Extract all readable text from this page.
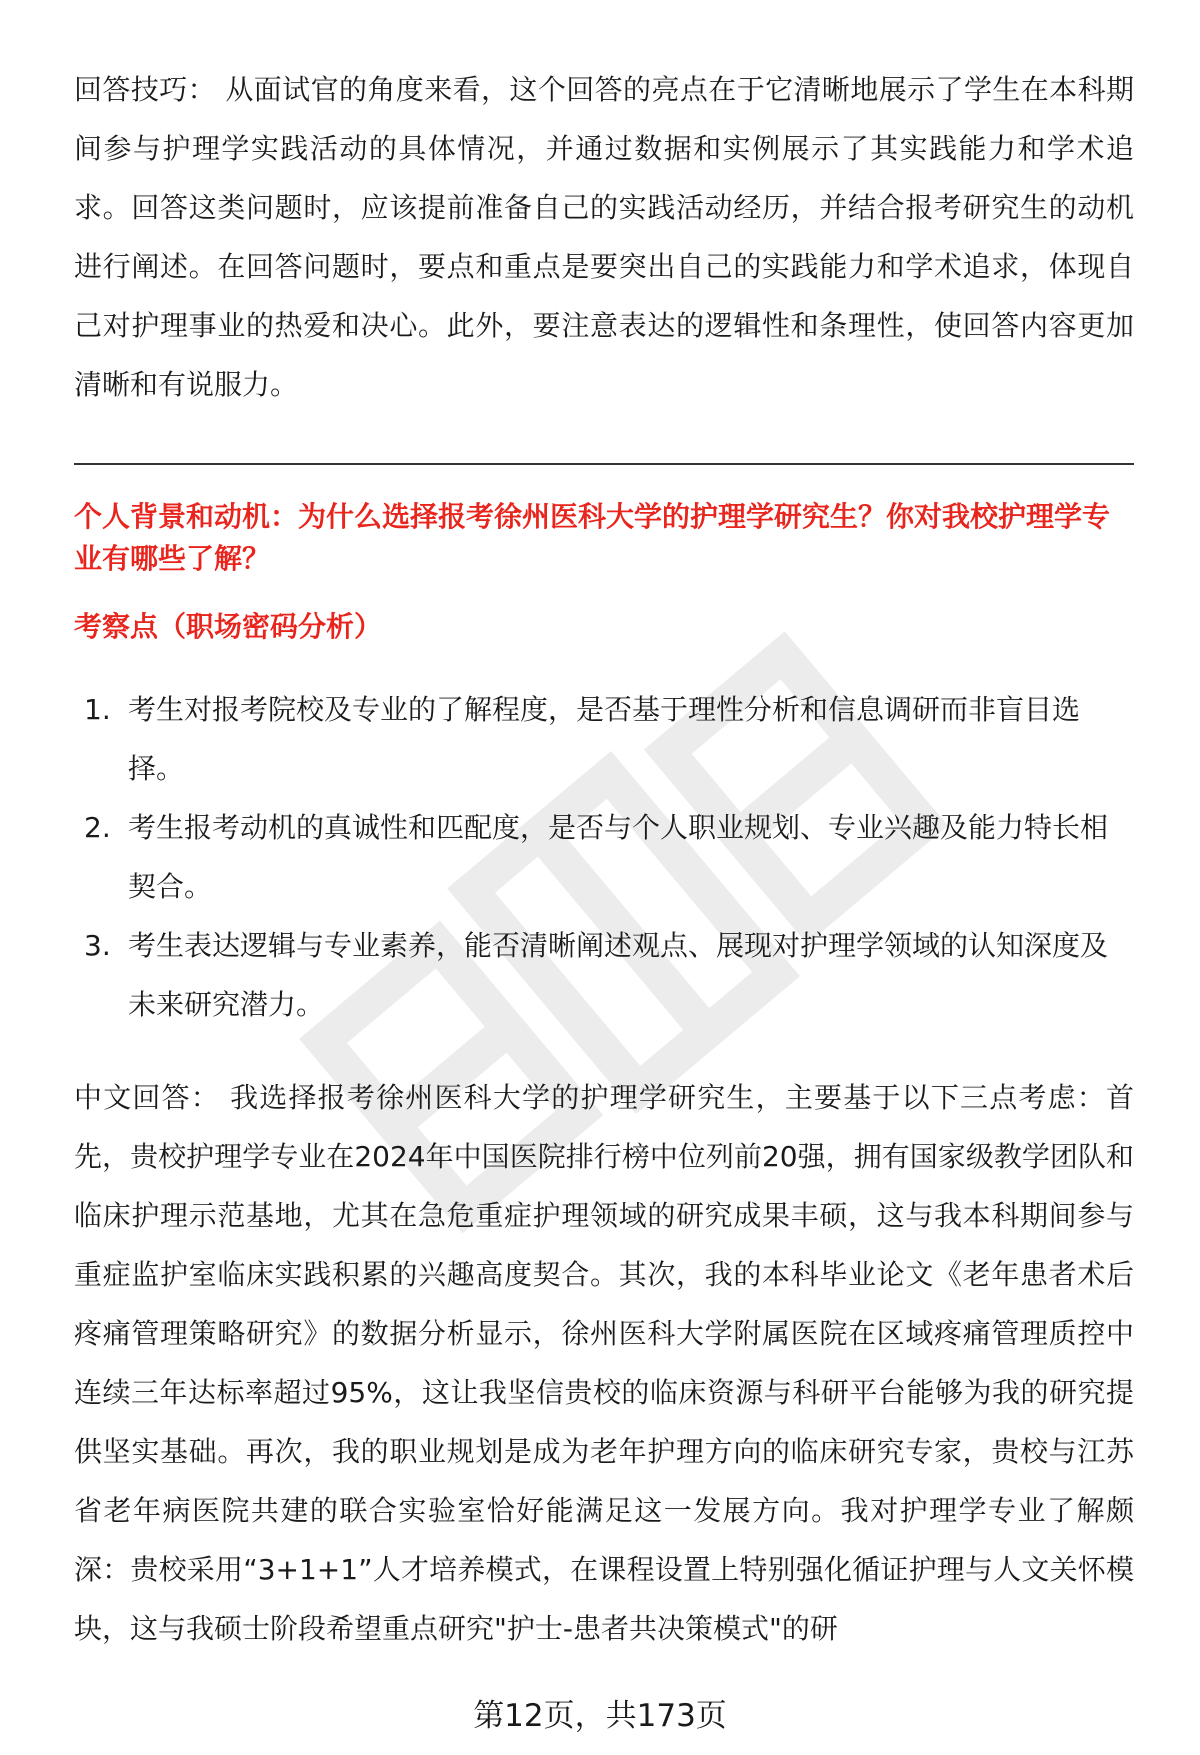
回答技巧： 从面试官的角度来看，这个回答的亮点在于它清晰地展示了学生在本科期间参与护理学实践活动的具体情况，并通过数据和实例展示了其实践能力和学术追求。回答这类问题时，应该提前准备自己的实践活动经历，并结合报考研究生的动机进行阐述。在回答问题时，要点和重点是要突出自己的实践能力和学术追求，体现自己对护理事业的热爱和决心。此外，要注意表达的逻辑性和条理性，使回答内容更加清晰和有说服力。

个人背景和动机：为什么选择报考徐州医科大学的护理学研究生？你对我校护理学专业有哪些了解？
考察点（职场密码分析）
1. 考生对报考院校及专业的了解程度，是否基于理性分析和信息调研而非盲目选择。
2. 考生报考动机的真诚性和匹配度，是否与个人职业规划、专业兴趣及能力特长相契合。
3. 考生表达逻辑与专业素养，能否清晰阐述观点、展现对护理学领域的认知深度及未来研究潜力。

中文回答： 我选择报考徐州医科大学的护理学研究生，主要基于以下三点考虑：首先，贵校护理学专业在2024年中国医院排行榜中位列前20强，拥有国家级教学团队和临床护理示范基地，尤其在急危重症护理领域的研究成果丰硕，这与我本科期间参与重症监护室临床实践积累的兴趣高度契合。其次，我的本科毕业论文《老年患者术后疼痛管理策略研究》的数据分析显示，徐州医科大学附属医院在区域疼痛管理质控中连续三年达标率超过95%，这让我坚信贵校的临床资源与科研平台能够为我的研究提供坚实基础。再次，我的职业规划是成为老年护理方向的临床研究专家，贵校与江苏省老年病医院共建的联合实验室恰好能满足这一发展方向。我对护理学专业了解颇深：贵校采用“3+1+1”人才培养模式，在课程设置上特别强化循证护理与人文关怀模块，这与我硕士阶段希望重点研究"护士-患者共决策模式"的研

第12页，共173页
